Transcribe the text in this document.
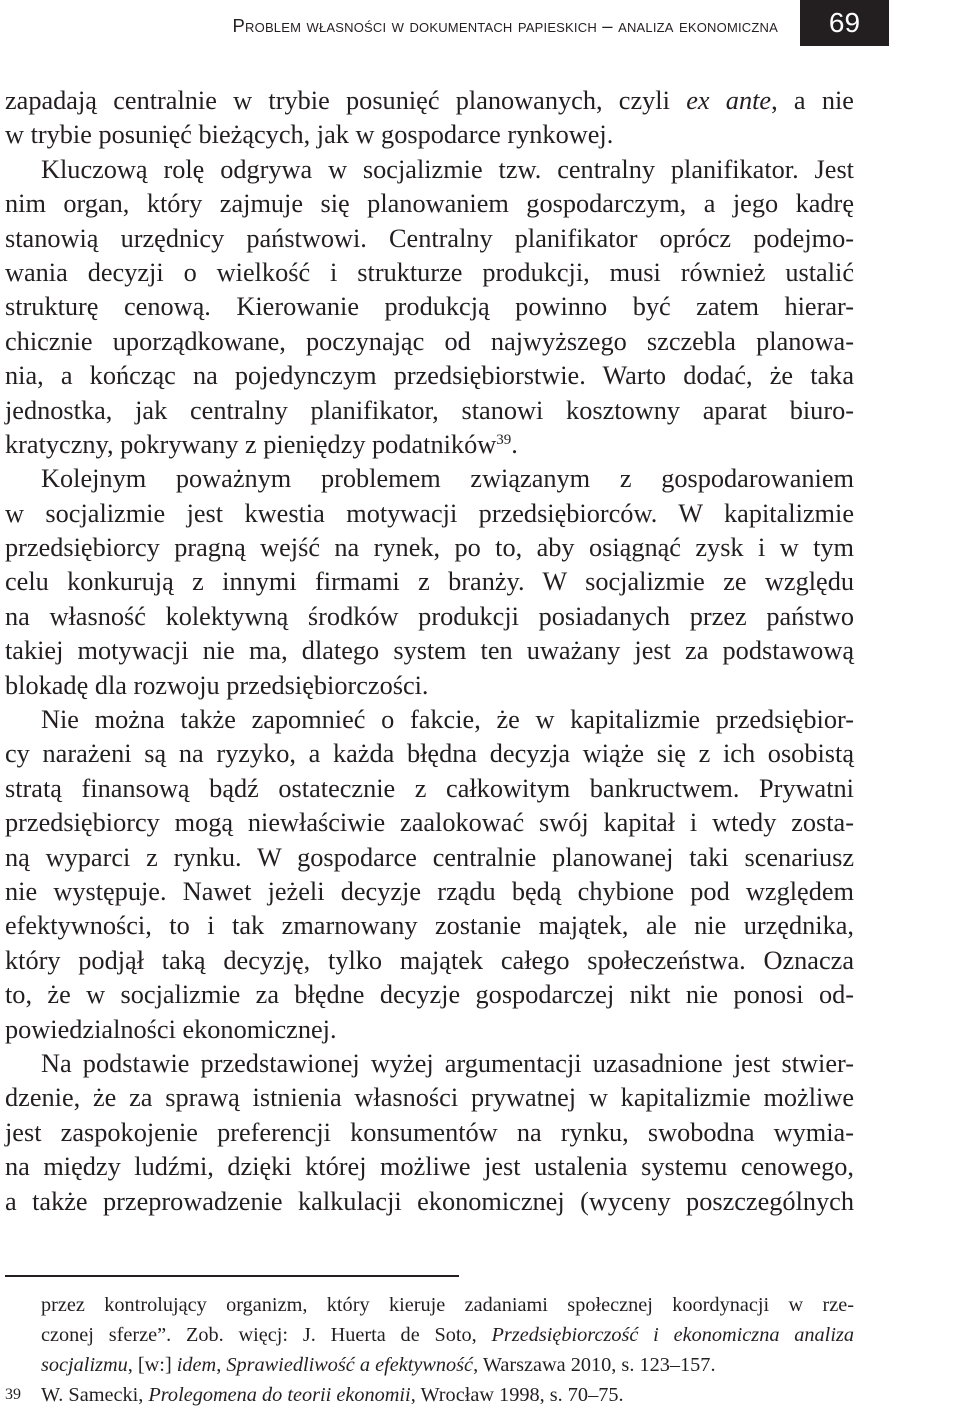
Problem własności w dokumentach papieskich – analiza ekonomiczna	69
zapadają centralnie w trybie posunięć planowanych, czyli ex ante, a nie
w trybie posunięć bieżących, jak w gospodarce rynkowej.
Kluczową rolę odgrywa w socjalizmie tzw. centralny planifikator. Jest
nim organ, który zajmuje się planowaniem gospodarczym, a jego kadrę
stanowią urzędnicy państwowi. Centralny planifikator oprócz podejmo-
wania decyzji o wielkość i strukturze produkcji, musi również ustalić
strukturę cenową. Kierowanie produkcją powinno być zatem hierar-
chicznie uporządkowane, poczynając od najwyższego szczebla planowa-
nia, a kończąc na pojedynczym przedsiębiorstwie. Warto dodać, że taka
jednostka, jak centralny planifikator, stanowi kosztowny aparat biuro-
kratyczny, pokrywany z pieniędzy podatników$^{39}$.
Kolejnym poważnym problemem związanym z gospodarowaniem
w socjalizmie jest kwestia motywacji przedsiębiorców. W kapitalizmie
przedsiębiorcy pragną wejść na rynek, po to, aby osiągnąć zysk i w tym
celu konkurują z innymi firmami z branży. W socjalizmie ze względu
na własność kolektywną środków produkcji posiadanych przez państwo
takiej motywacji nie ma, dlatego system ten uważany jest za podstawową
blokadę dla rozwoju przedsiębiorczości.
Nie można także zapomnieć o fakcie, że w kapitalizmie przedsiębior-
cy narażeni są na ryzyko, a każda błędna decyzja wiąże się z ich osobistą
stratą finansową bądź ostatecznie z całkowitym bankructwem. Prywatni
przedsiębiorcy mogą niewłaściwie zaalokować swój kapitał i wtedy zosta-
ną wyparci z rynku. W gospodarce centralnie planowanej taki scenariusz
nie występuje. Nawet jeżeli decyzje rządu będą chybione pod względem
efektywności, to i tak zmarnowany zostanie majątek, ale nie urzędnika,
który podjął taką decyzję, tylko majątek całego społeczeństwa. Oznacza
to, że w socjalizmie za błędne decyzje gospodarczej nikt nie ponosi od-
powiedzialności ekonomicznej.
Na podstawie przedstawionej wyżej argumentacji uzasadnione jest stwier-
dzenie, że za sprawą istnienia własności prywatnej w kapitalizmie możliwe
jest zaspokojenie preferencji konsumentów na rynku, swobodna wymia-
na między ludźmi, dzięki której możliwe jest ustalenia systemu cenowego,
a także przeprowadzenie kalkulacji ekonomicznej (wyceny poszczególnych
przez kontrolujący organizm, który kieruje zadaniami społecznej koordynacji w rze-
czonej sferze”. Zob. więcj: J. Huerta de Soto, Przedsiębiorczość i ekonomiczna analiza
socjalizmu, [w:] idem, Sprawiedliwość a efektywność, Warszawa 2010, s. 123–157.
39 W. Samecki, Prolegomena do teorii ekonomii, Wrocław 1998, s. 70–75.
